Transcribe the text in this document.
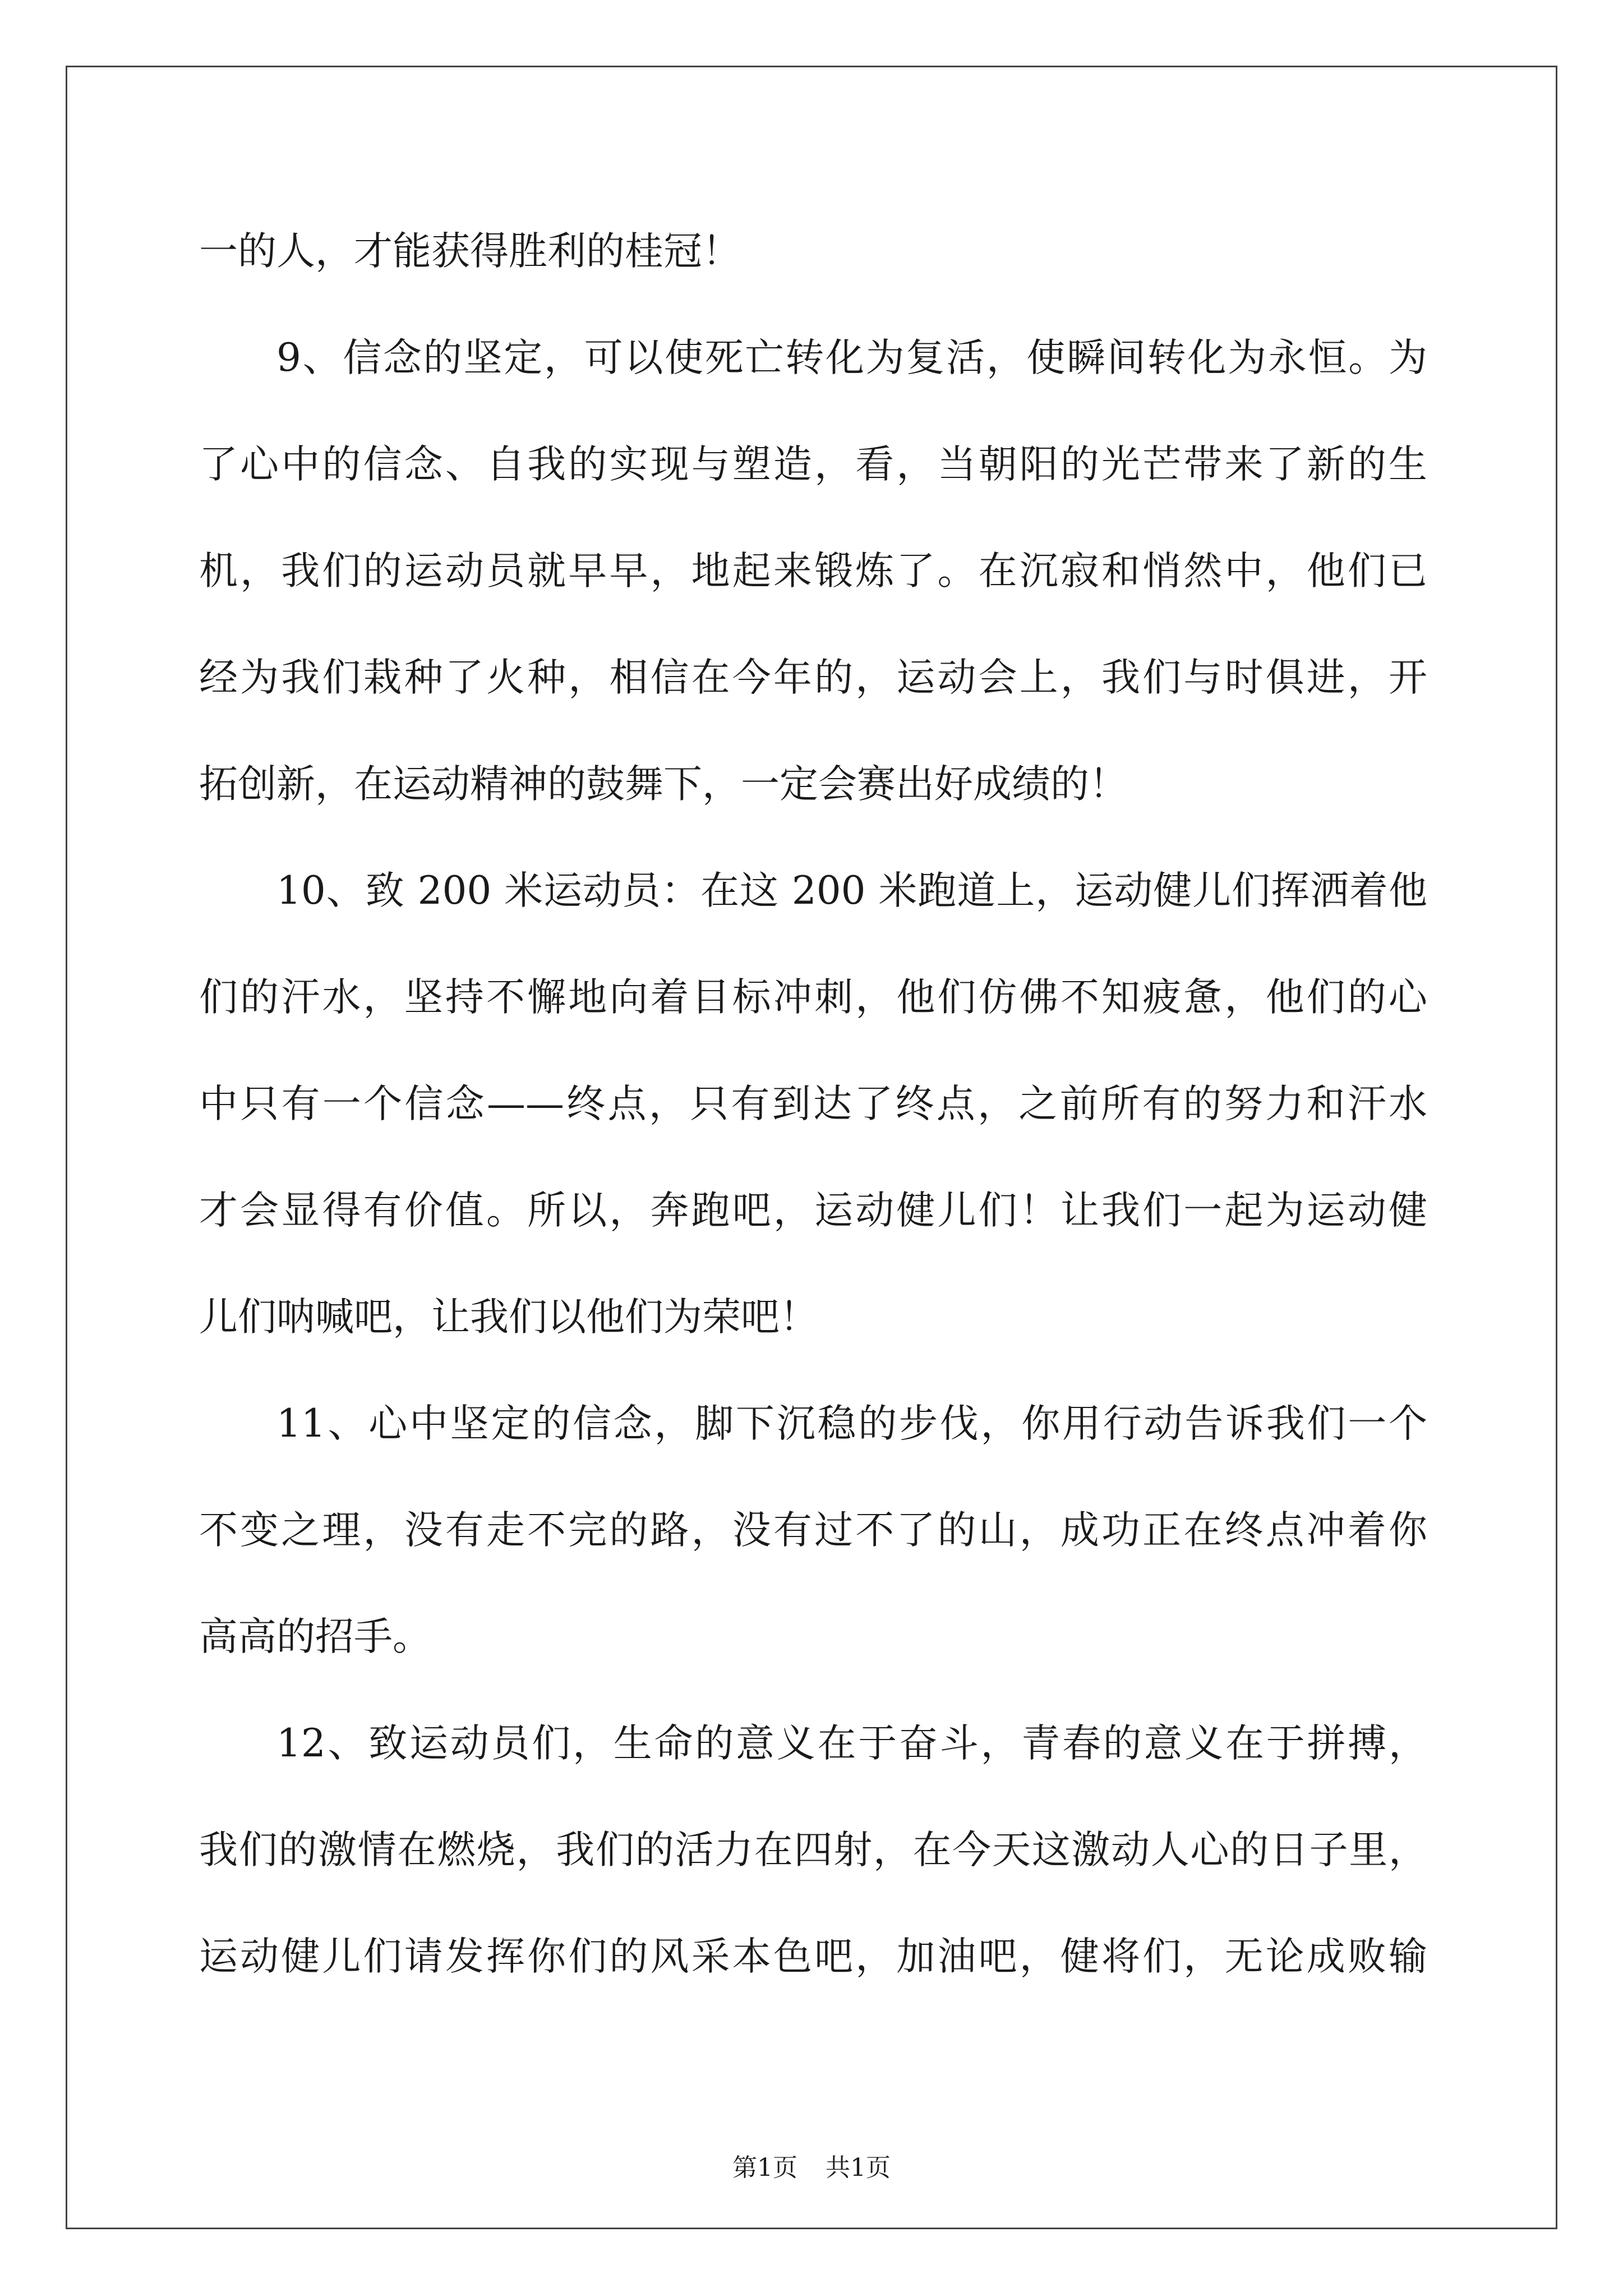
一的人，才能获得胜利的桂冠！
9、信念的坚定，可以使死亡转化为复活，使瞬间转化为永恒。为
了心中的信念、自我的实现与塑造，看，当朝阳的光芒带来了新的生
机，我们的运动员就早早，地起来锻炼了。在沉寂和悄然中，他们已
经为我们栽种了火种，相信在今年的，运动会上，我们与时俱进，开
拓创新，在运动精神的鼓舞下，一定会赛出好成绩的！
10、致 200 米运动员：在这 200 米跑道上，运动健儿们挥洒着他
们的汗水，坚持不懈地向着目标冲刺，他们仿佛不知疲惫，他们的心
中只有一个信念——终点，只有到达了终点，之前所有的努力和汗水
才会显得有价值。所以，奔跑吧，运动健儿们！让我们一起为运动健
儿们呐喊吧，让我们以他们为荣吧！
11、心中坚定的信念，脚下沉稳的步伐，你用行动告诉我们一个
不变之理，没有走不完的路，没有过不了的山，成功正在终点冲着你
高高的招手。
12、致运动员们，生命的意义在于奋斗，青春的意义在于拼搏，
我们的激情在燃烧，我们的活力在四射，在今天这激动人心的日子里，
运动健儿们请发挥你们的风采本色吧，加油吧，健将们，无论成败输
第1页 共1页
